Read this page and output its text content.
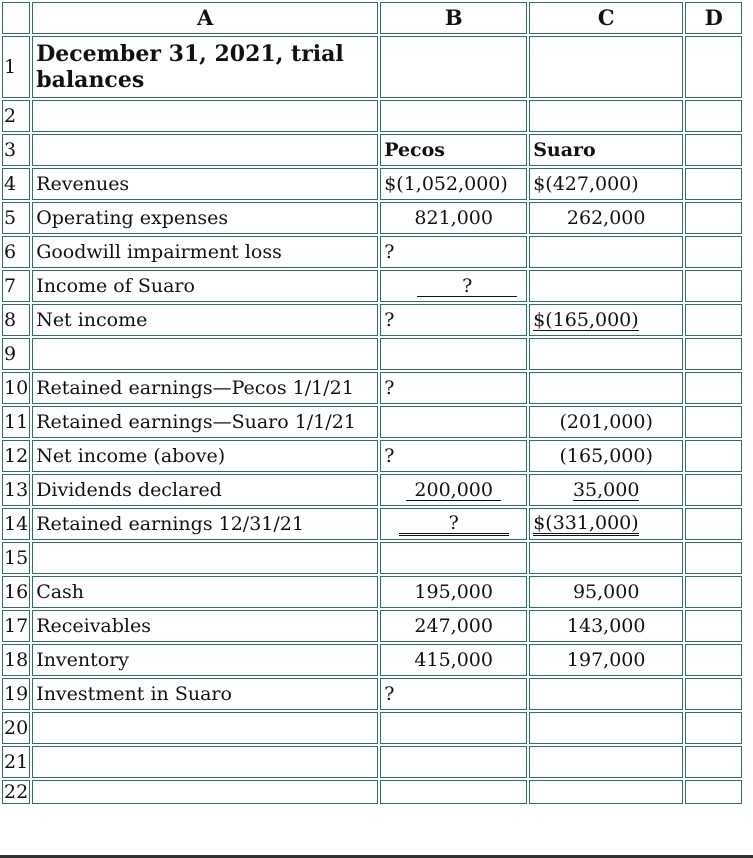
	A	B	C	D
1	December 31, 2021, trial balances			
2				
3		Pecos	Suaro	
4	Revenues	$(1,052,000)	$(427,000)	
5	Operating expenses	821,000	262,000	
6	Goodwill impairment loss	?		
7	Income of Suaro	?		

8	Net income	?	$(165,000)	
9				
10	Retained earnings—Pecos 1/1/21	?		
11	Retained earnings—Suaro 1/1/21		(201,000)	
12	Net income (above)	?	(165,000)	
13	Dividends declared	200,000	35,000	
14	Retained earnings 12/31/21	?	$(331,000)	
15				
16	Cash	195,000	95,000	
17	Receivables	247,000	143,000	
18	Inventory	415,000	197,000	
19	Investment in Suaro	?		
20				
21				
22				
